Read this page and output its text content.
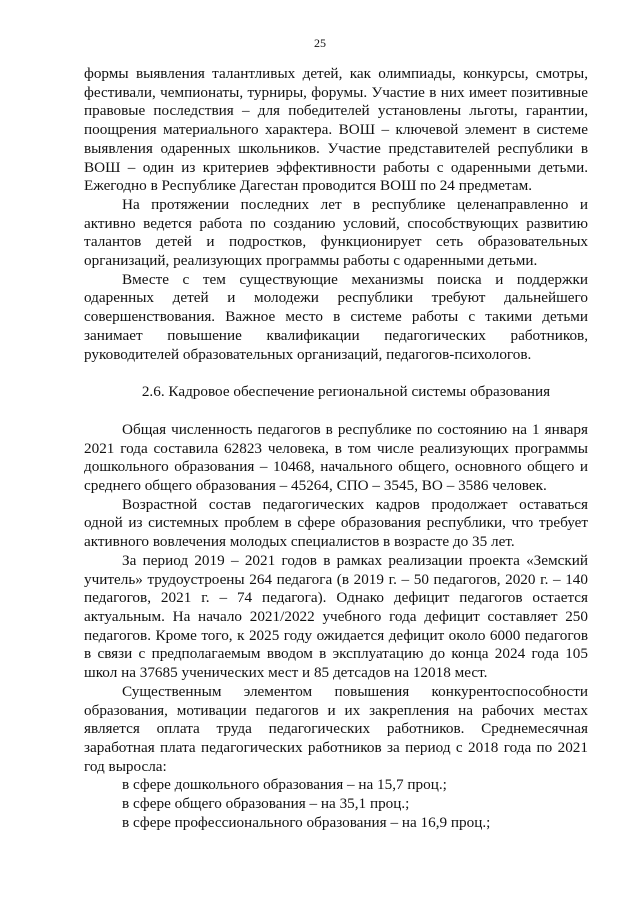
25

формы выявления талантливых детей, как олимпиады, конкурсы, смотры, фестивали, чемпионаты, турниры, форумы. Участие в них имеет позитивные правовые последствия – для победителей установлены льготы, гарантии, поощрения материального характера. ВОШ – ключевой элемент в системе выявления одаренных школьников. Участие представителей республики в ВОШ – один из критериев эффективности работы с одаренными детьми. Ежегодно в Республике Дагестан проводится ВОШ по 24 предметам.

На протяжении последних лет в республике целенаправленно и активно ведется работа по созданию условий, способствующих развитию талантов детей и подростков, функционирует сеть образовательных организаций, реализующих программы работы с одаренными детьми.

Вместе с тем существующие механизмы поиска и поддержки одаренных детей и молодежи республики требуют дальнейшего совершенствования. Важное место в системе работы с такими детьми занимает повышение квалификации педагогических работников, руководителей образовательных организаций, педагогов-психологов.

2.6. Кадровое обеспечение региональной системы образования

Общая численность педагогов в республике по состоянию на 1 января 2021 года составила 62823 человека, в том числе реализующих программы дошкольного образования – 10468, начального общего, основного общего и среднего общего образования – 45264, СПО – 3545, ВО – 3586 человек.

Возрастной состав педагогических кадров продолжает оставаться одной из системных проблем в сфере образования республики, что требует активного вовлечения молодых специалистов в возрасте до 35 лет.

За период 2019 – 2021 годов в рамках реализации проекта «Земский учитель» трудоустроены 264 педагога (в 2019 г. – 50 педагогов, 2020 г. – 140 педагогов, 2021 г. – 74 педагога). Однако дефицит педагогов остается актуальным. На начало 2021/2022 учебного года дефицит составляет 250 педагогов. Кроме того, к 2025 году ожидается дефицит около 6000 педагогов в связи с предполагаемым вводом в эксплуатацию до конца 2024 года 105 школ на 37685 ученических мест и 85 детсадов на 12018 мест.

Существенным элементом повышения конкурентоспособности образования, мотивации педагогов и их закрепления на рабочих местах является оплата труда педагогических работников. Среднемесячная заработная плата педагогических работников за период с 2018 года по 2021 год выросла:

в сфере дошкольного образования – на 15,7 проц.;

в сфере общего образования – на 35,1 проц.;

в сфере профессионального образования – на 16,9 проц.;
